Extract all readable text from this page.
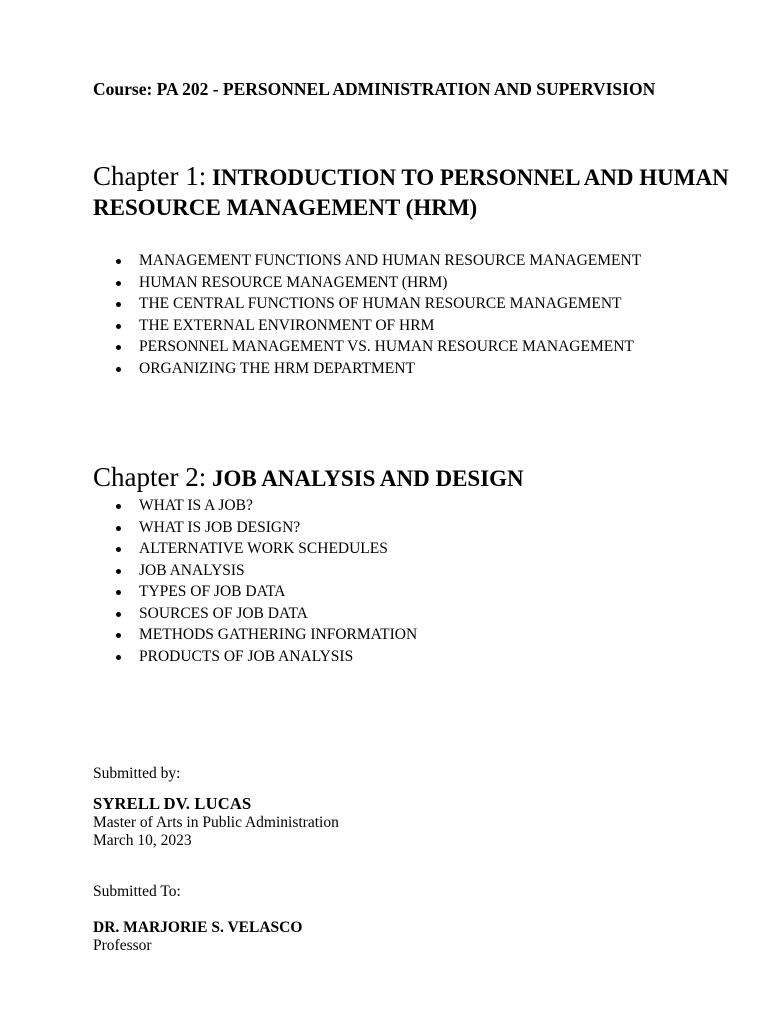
Course: PA 202 - PERSONNEL ADMINISTRATION AND SUPERVISION
Chapter 1: INTRODUCTION TO PERSONNEL AND HUMAN RESOURCE MANAGEMENT (HRM)
MANAGEMENT FUNCTIONS AND HUMAN RESOURCE MANAGEMENT
HUMAN RESOURCE MANAGEMENT (HRM)
THE CENTRAL FUNCTIONS OF HUMAN RESOURCE MANAGEMENT
THE EXTERNAL ENVIRONMENT OF HRM
PERSONNEL MANAGEMENT VS. HUMAN RESOURCE MANAGEMENT
ORGANIZING THE HRM DEPARTMENT
Chapter 2: JOB ANALYSIS AND DESIGN
WHAT IS A JOB?
WHAT IS JOB DESIGN?
ALTERNATIVE WORK SCHEDULES
JOB ANALYSIS
TYPES OF JOB DATA
SOURCES OF JOB DATA
METHODS GATHERING INFORMATION
PRODUCTS OF JOB ANALYSIS
Submitted by:
SYRELL DV. LUCAS
Master of Arts in Public Administration
March 10, 2023
Submitted To:
DR. MARJORIE S. VELASCO
Professor
